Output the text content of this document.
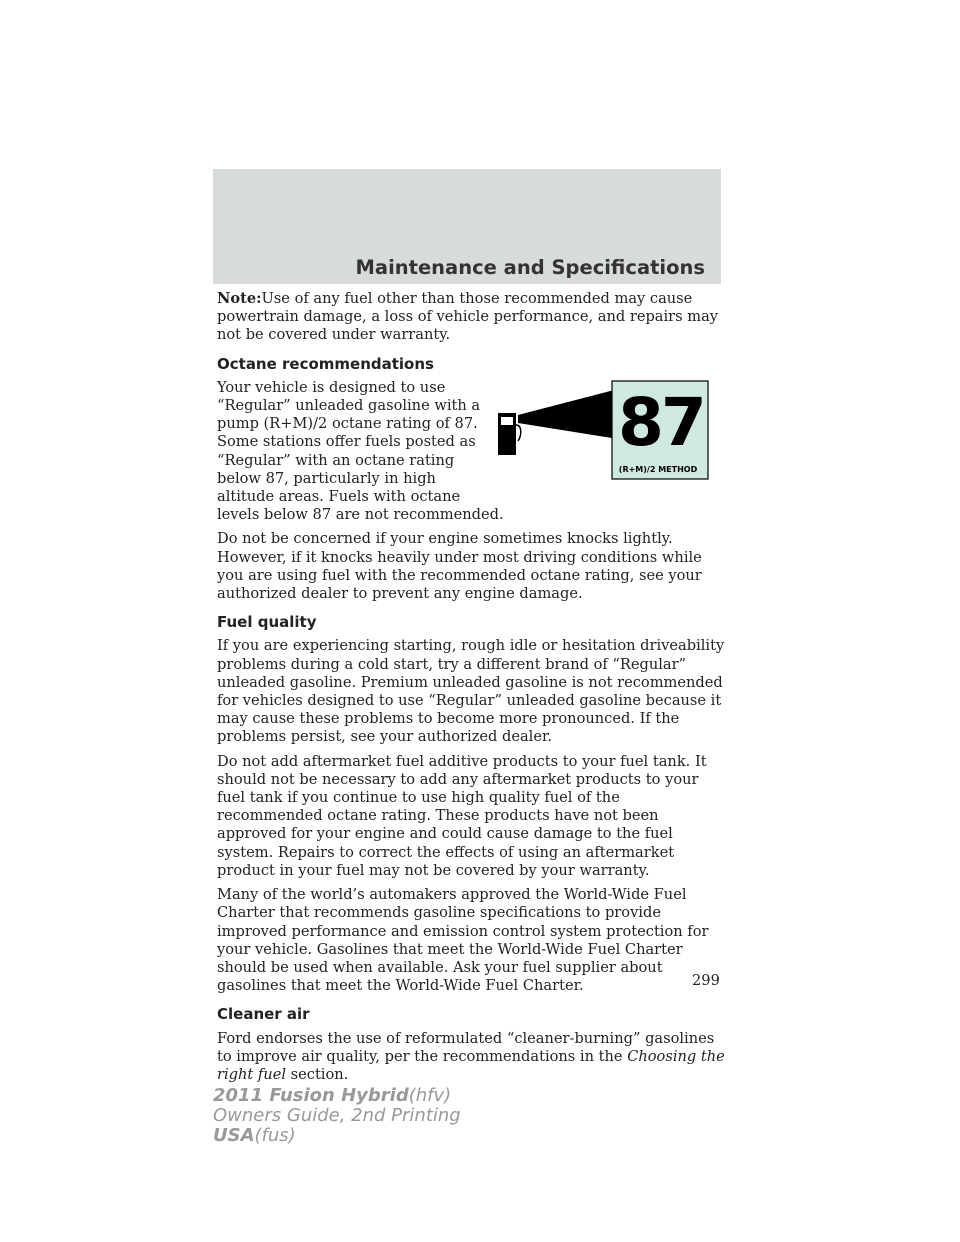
Maintenance and Specifications

Note:Use of any fuel other than those recommended may cause powertrain damage, a loss of vehicle performance, and repairs may not be covered under warranty.

Octane recommendations
87
(R+M)/2 METHOD

Your vehicle is designed to use “Regular” unleaded gasoline with a pump (R+M)/2 octane rating of 87. Some stations offer fuels posted as “Regular” with an octane rating below 87, particularly in high altitude areas. Fuels with octane levels below 87 are not recommended.

Do not be concerned if your engine sometimes knocks lightly. However, if it knocks heavily under most driving conditions while you are using fuel with the recommended octane rating, see your authorized dealer to prevent any engine damage.

Fuel quality

If you are experiencing starting, rough idle or hesitation driveability problems during a cold start, try a different brand of “Regular” unleaded gasoline. Premium unleaded gasoline is not recommended for vehicles designed to use “Regular” unleaded gasoline because it may cause these problems to become more pronounced. If the problems persist, see your authorized dealer.

Do not add aftermarket fuel additive products to your fuel tank. It should not be necessary to add any aftermarket products to your fuel tank if you continue to use high quality fuel of the recommended octane rating. These products have not been approved for your engine and could cause damage to the fuel system. Repairs to correct the effects of using an aftermarket product in your fuel may not be covered by your warranty.

Many of the world’s automakers approved the World-Wide Fuel Charter that recommends gasoline specifications to provide improved performance and emission control system protection for your vehicle. Gasolines that meet the World-Wide Fuel Charter should be used when available. Ask your fuel supplier about gasolines that meet the World-Wide Fuel Charter.

Cleaner air

Ford endorses the use of reformulated “cleaner-burning” gasolines to improve air quality, per the recommendations in the Choosing the right fuel section.

299
2011 Fusion Hybrid(hfv)
Owners Guide, 2nd Printing
USA(fus)
